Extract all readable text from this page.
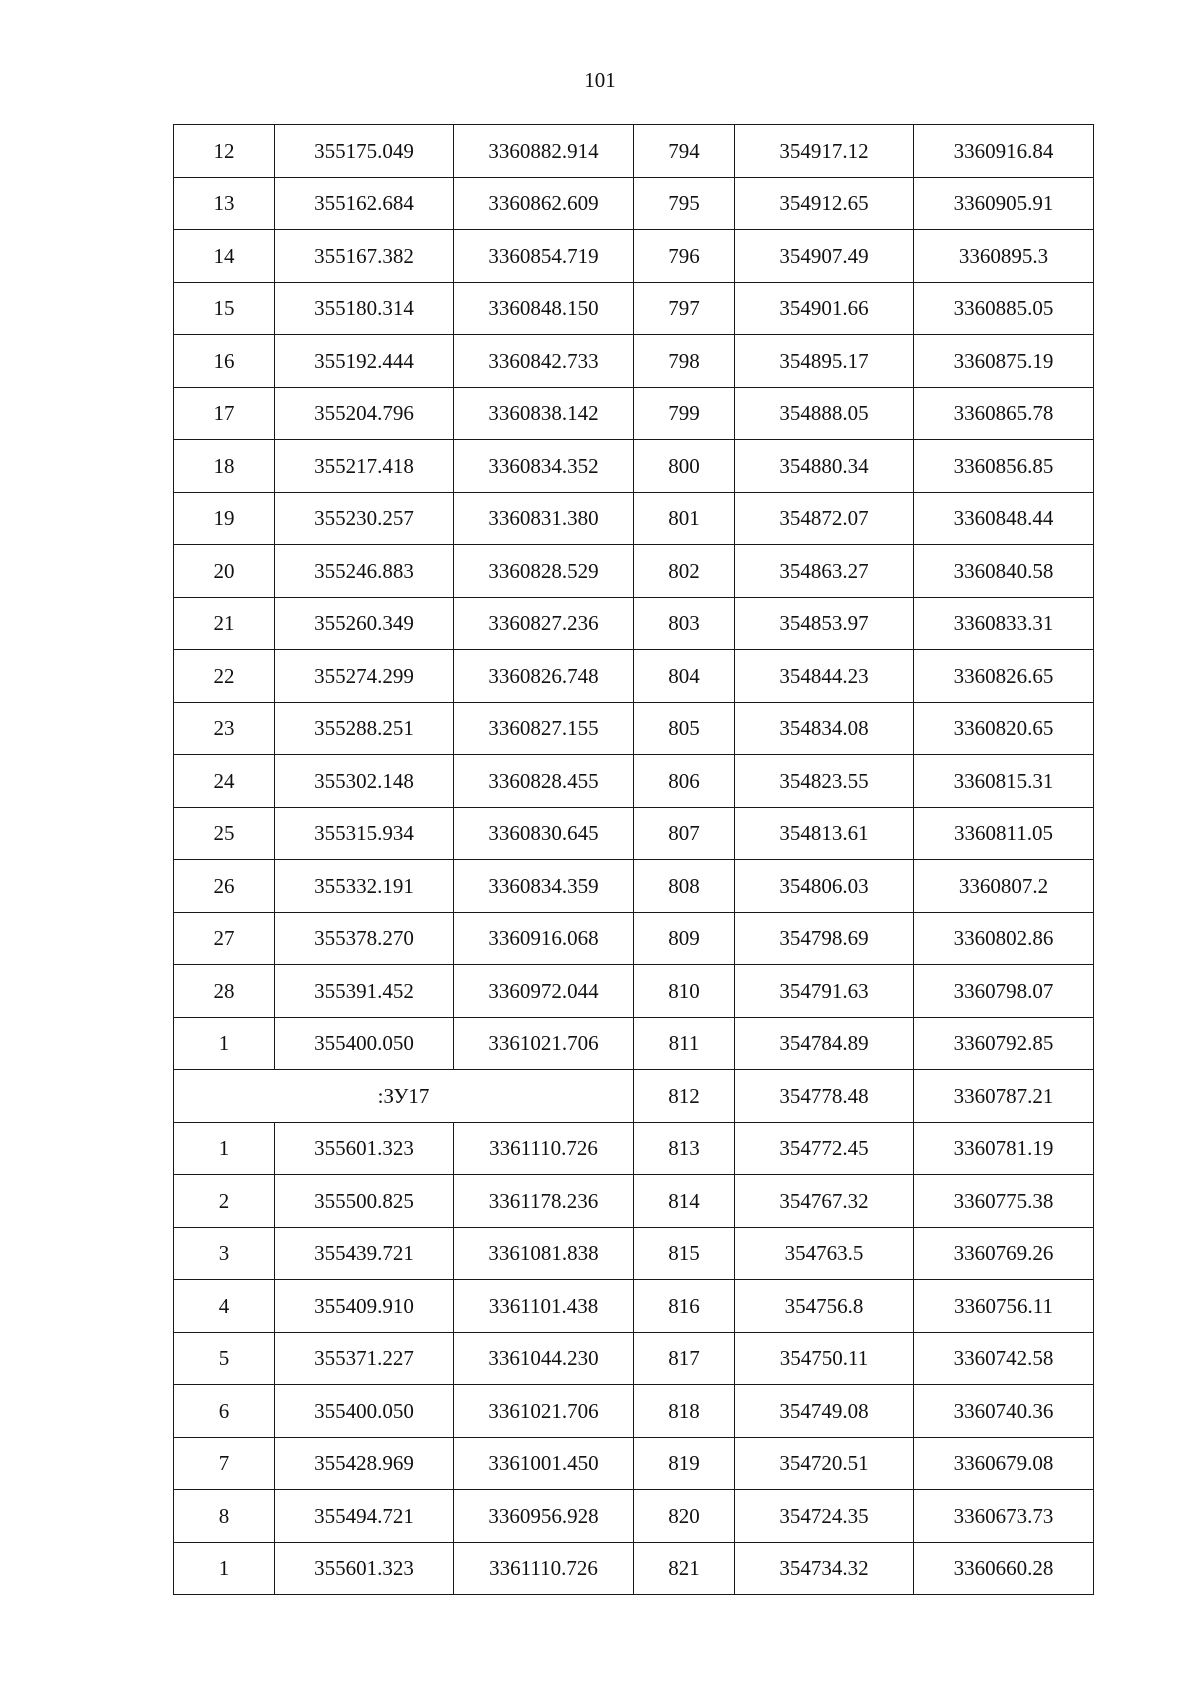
101
12	355175.049	3360882.914	794	354917.12	3360916.84
13	355162.684	3360862.609	795	354912.65	3360905.91
14	355167.382	3360854.719	796	354907.49	3360895.3
15	355180.314	3360848.150	797	354901.66	3360885.05
16	355192.444	3360842.733	798	354895.17	3360875.19
17	355204.796	3360838.142	799	354888.05	3360865.78
18	355217.418	3360834.352	800	354880.34	3360856.85
19	355230.257	3360831.380	801	354872.07	3360848.44
20	355246.883	3360828.529	802	354863.27	3360840.58
21	355260.349	3360827.236	803	354853.97	3360833.31
22	355274.299	3360826.748	804	354844.23	3360826.65
23	355288.251	3360827.155	805	354834.08	3360820.65
24	355302.148	3360828.455	806	354823.55	3360815.31
25	355315.934	3360830.645	807	354813.61	3360811.05
26	355332.191	3360834.359	808	354806.03	3360807.2
27	355378.270	3360916.068	809	354798.69	3360802.86
28	355391.452	3360972.044	810	354791.63	3360798.07
1	355400.050	3361021.706	811	354784.89	3360792.85
:ЗУ17			812	354778.48	3360787.21
1	355601.323	3361110.726	813	354772.45	3360781.19
2	355500.825	3361178.236	814	354767.32	3360775.38
3	355439.721	3361081.838	815	354763.5	3360769.26
4	355409.910	3361101.438	816	354756.8	3360756.11
5	355371.227	3361044.230	817	354750.11	3360742.58
6	355400.050	3361021.706	818	354749.08	3360740.36
7	355428.969	3361001.450	819	354720.51	3360679.08
8	355494.721	3360956.928	820	354724.35	3360673.73
1	355601.323	3361110.726	821	354734.32	3360660.28
